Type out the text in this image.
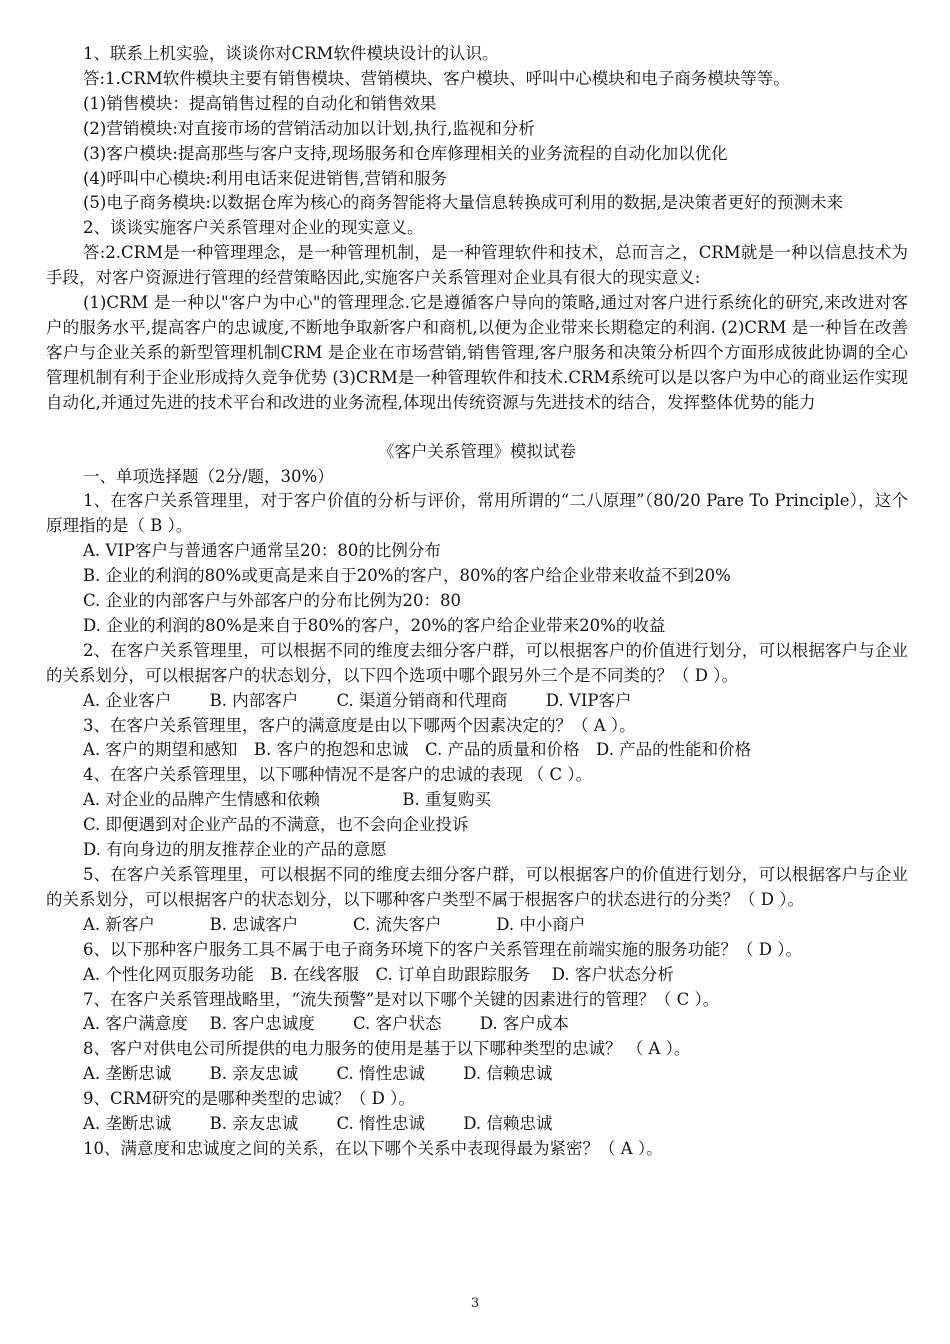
1、联系上机实验，谈谈你对CRM软件模块设计的认识。

答:1.CRM软件模块主要有销售模块、营销模块、客户模块、呼叫中心模块和电子商务模块等等。

(1)销售模块：提高销售过程的自动化和销售效果

(2)营销模块:对直接市场的营销活动加以计划,执行,监视和分析

(3)客户模块:提高那些与客户支持,现场服务和仓库修理相关的业务流程的自动化加以优化

(4)呼叫中心模块:利用电话来促进销售,营销和服务

(5)电子商务模块:以数据仓库为核心的商务智能将大量信息转换成可利用的数据,是决策者更好的预测未来

2、谈谈实施客户关系管理对企业的现实意义。

答:2.CRM是一种管理理念，是一种管理机制，是一种管理软件和技术，总而言之，CRM就是一种以信息技术为手段，对客户资源进行管理的经营策略因此,实施客户关系管理对企业具有很大的现实意义:

(1)CRM 是一种以"客户为中心"的管理理念.它是遵循客户导向的策略,通过对客户进行系统化的研究,来改进对客户的服务水平,提高客户的忠诚度,不断地争取新客户和商机,以便为企业带来长期稳定的利润. (2)CRM 是一种旨在改善客户与企业关系的新型管理机制CRM 是企业在市场营销,销售管理,客户服务和决策分析四个方面形成彼此协调的全心管理机制有利于企业形成持久竞争优势 (3)CRM是一种管理软件和技术.CRM系统可以是以客户为中心的商业运作实现自动化,并通过先进的技术平台和改进的业务流程,体现出传统资源与先进技术的结合，发挥整体优势的能力

《客户关系管理》模拟试卷

一、单项选择题（2分/题，30%）

1、在客户关系管理里，对于客户价值的分析与评价，常用所谓的“二八原理”（80/20 Pare To Principle），这个原理指的是（ B ）。

A. VIP客户与普通客户通常呈20：80的比例分布

B. 企业的利润的80%或更高是来自于20%的客户，80%的客户给企业带来收益不到20%

C. 企业的内部客户与外部客户的分布比例为20：80

D. 企业的利润的80%是来自于80%的客户，20%的客户给企业带来20%的收益

2、在客户关系管理里，可以根据不同的维度去细分客户群，可以根据客户的价值进行划分，可以根据客户与企业的关系划分，可以根据客户的状态划分，以下四个选项中哪个跟另外三个是不同类的？（ D ）。

A. 企业客户　　 B. 内部客户　　 C. 渠道分销商和代理商　　 D. VIP客户

3、在客户关系管理里，客户的满意度是由以下哪两个因素决定的？（ A ）。

A. 客户的期望和感知　B. 客户的抱怨和忠诚　C. 产品的质量和价格　D. 产品的性能和价格

4、在客户关系管理里，以下哪种情况不是客户的忠诚的表现 （ C ）。

A. 对企业的品牌产生情感和依赖　　　　　B. 重复购买

C. 即便遇到对企业产品的不满意，也不会向企业投诉

D. 有向身边的朋友推荐企业的产品的意愿

5、在客户关系管理里，可以根据不同的维度去细分客户群，可以根据客户的价值进行划分，可以根据客户与企业的关系划分，可以根据客户的状态划分，以下哪种客户类型不属于根据客户的状态进行的分类？（ D ）。

A. 新客户　　　 B. 忠诚客户　　　 C. 流失客户　　　 D. 中小商户

6、以下那种客户服务工具不属于电子商务环境下的客户关系管理在前端实施的服务功能？（ D ）。

A. 个性化网页服务功能　B. 在线客服　C. 订单自助跟踪服务　 D. 客户状态分析

7、在客户关系管理战略里，“流失预警”是对以下哪个关键的因素进行的管理？（ C ）。

A. 客户满意度　 B. 客户忠诚度　　 C. 客户状态　　 D. 客户成本

8、客户对供电公司所提供的电力服务的使用是基于以下哪种类型的忠诚？ （ A ）。

A. 垄断忠诚　　 B. 亲友忠诚　　 C. 惰性忠诚　　 D. 信赖忠诚

9、CRM研究的是哪种类型的忠诚？（ D ）。

A. 垄断忠诚　　 B. 亲友忠诚　　 C. 惰性忠诚　　 D. 信赖忠诚

10、满意度和忠诚度之间的关系，在以下哪个关系中表现得最为紧密？（ A ）。

3
